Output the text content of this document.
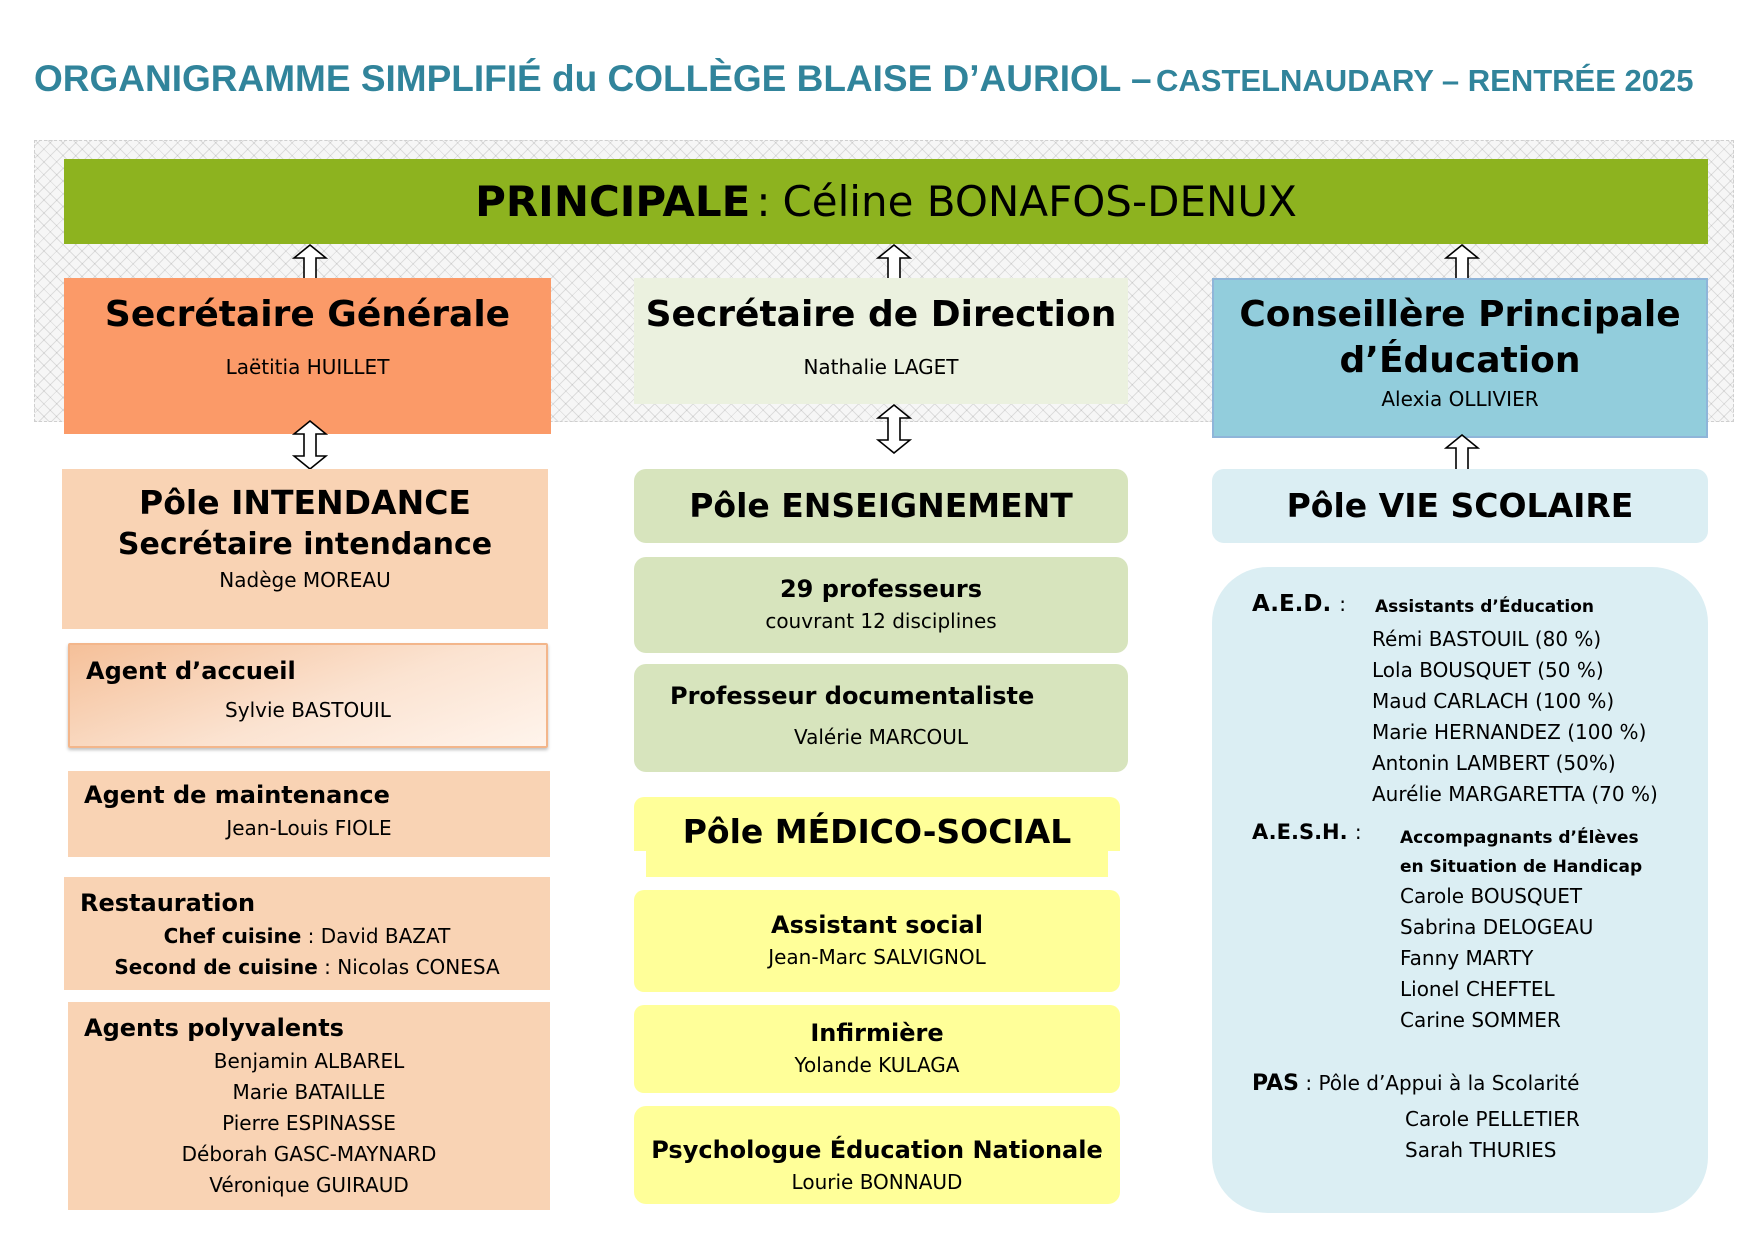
ORGANIGRAMME SIMPLIFIÉ du COLLÈGE BLAISE D’AURIOL – CASTELNAUDARY – RENTRÉE 2025
PRINCIPALE : Céline BONAFOS-DENUX
Secrétaire Générale
Laëtitia HUILLET
Secrétaire de Direction
Nathalie LAGET
Conseillère Principale
d’Éducation
Alexia OLLIVIER
Pôle INTENDANCE
Secrétaire intendance
Nadège MOREAU
Agent d’accueil
Sylvie BASTOUIL
Agent de maintenance
Jean-Louis FIOLE
Restauration
Chef cuisine : David BAZAT
Second de cuisine : Nicolas CONESA
Agents polyvalents
Benjamin ALBAREL
Marie BATAILLE
Pierre ESPINASSE
Déborah GASC-MAYNARD
Véronique GUIRAUD
Pôle ENSEIGNEMENT
29 professeurs
couvrant 12 disciplines
Professeur documentaliste
Valérie MARCOUL
Pôle MÉDICO-SOCIAL
Assistant social
Jean-Marc SALVIGNOL
Infirmière
Yolande KULAGA
Psychologue Éducation Nationale
Lourie BONNAUD
Pôle VIE SCOLAIRE
A.E.D. : Assistants d’Éducation
Rémi BASTOUIL (80 %)
Lola BOUSQUET (50 %)
Maud CARLACH (100 %)
Marie HERNANDEZ (100 %)
Antonin LAMBERT (50%)
Aurélie MARGARETTA (70 %)
A.E.S.H. : Accompagnants d’Élèves
en Situation de Handicap
Carole BOUSQUET
Sabrina DELOGEAU
Fanny MARTY
Lionel CHEFTEL
Carine SOMMER
PAS : Pôle d’Appui à la Scolarité
Carole PELLETIER
Sarah THURIES
